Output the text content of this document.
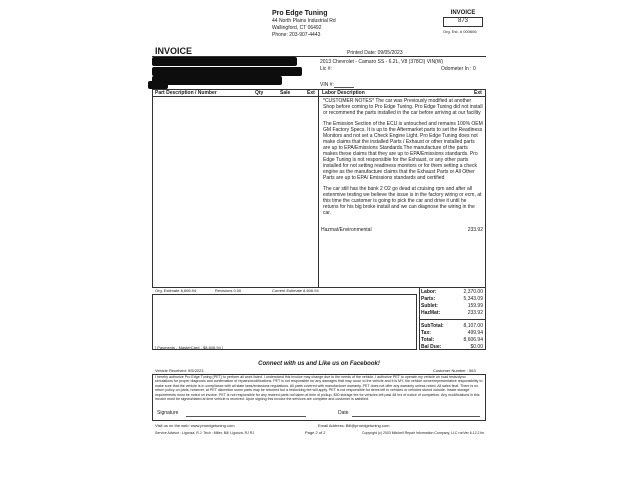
Pro Edge Tuning
44 North Plains Industrial Rd
Wallingford, CT 06492
Phone: 203-907-4443
INVOICE
873
Org. Est. # 000606
INVOICE	Printed Date: 09/05/2023
2013 Chevrolet - Camaro SS - 6.2L, V8 (378CI) VIN(W)
Lic #:	Odometer In : 0
VIN #:
Part Description / Number	Qty	Sale	Ext Labor Description	Ext

*CUSTOMER NOTES* The car was Previously modified at another Shop before coming to Pro Edge Tuning. Pro Edge Tuning did not install or recommend the parts installed in the car before arriving at our facility

The Emission Section of the ECU is untouched and remains 100% OEM GM Factory Specs. It is up to the Aftermarket parts to set the Readiness Monitors and not set a Check Engine Light. Pro Edge Tuning does not make claims that the installed Parts / Exhaust or other installed parts are up to EPA/Emissions Standards.The manufacture of the parts makes these claims that they are up to EPA/Emissions standards. Pro Edge Tuning is not responsible for the Exhaust, or any other parts installed for not setting readiness monitors or for them setting a check engine as the manufacture claims that the Exhaust Parts or All Other Parts are up to EPA/ Emissions standards and certified

The car still has the bank 2 O2 go dead at cruising rpm and after all extenmive testing we believe the issue is in the factory wiring or ecm, at this time the customer is going to pick the car and drive it until he returns for his big broke install and we can diagnose the wiring in the car.

Hazmat/Environmental	233.92
Org. Estimate 8,606.94	Revisions 0.00	Current Estimate 8,606.94
[ Payments - MasterCard - $8,606.94 ]
Labor:	2,370.00
Parts:	5,343.09
Sublet:	159.99
HazMat:	233.92
SubTotal:	8,107.00
Tax:	499.94
Total:	8,606.94
Bal Due:	$0.00
Connect with us and Like us on Facebook!
Vehicle Received: 9/5/2023	Customer Number : 563
I hereby authorize Pro Edge Tuning (PET) to perform all work listed. I understand this invoice may change due to the needs of the vehicle. I authorize PET to operate my vehicle on road tests/dyno simulations for proper diagnosis and confirmation of repairs/modifications. PET is not responsible for any damages that may occur to the vehicle and it is MY, the vehicle owner/representative responsibility to make sure that the vehicle is in compliance with all state laws/emissions regulations. All parts covered with manufacturer warranty. PET does not offer any warranty unless noted. All sales final. There is no return policy on parts, however, at PET discretion some parts may be returned but a restocking fee will apply. PET is not responsible for items left in vehicles or vehicles stored outside. Inside storage requirements must be noted on invoice. PET is not responsible for any rewired parts not taken at time of pickup. $30 storage fee for vehicles left past 48 hrs of notice of completion. Any modifications in this invoice must be signed/dated at time vehicle is received. Upon signing this invoice the services are complete and customer is satisfied.
Signature	Date
Visit us on the web: www.proedgetuning.com	Email Address: Bill@proedgetuning.com
Service Advisor : Ligonza, R.J. Tech : Miller, Bill; Ligonza, RJ RJ	Page 2 of 2	Copyright (c) 2003 Mitchell Repair Information Company, LLC ronVer 6.12.2 fm
